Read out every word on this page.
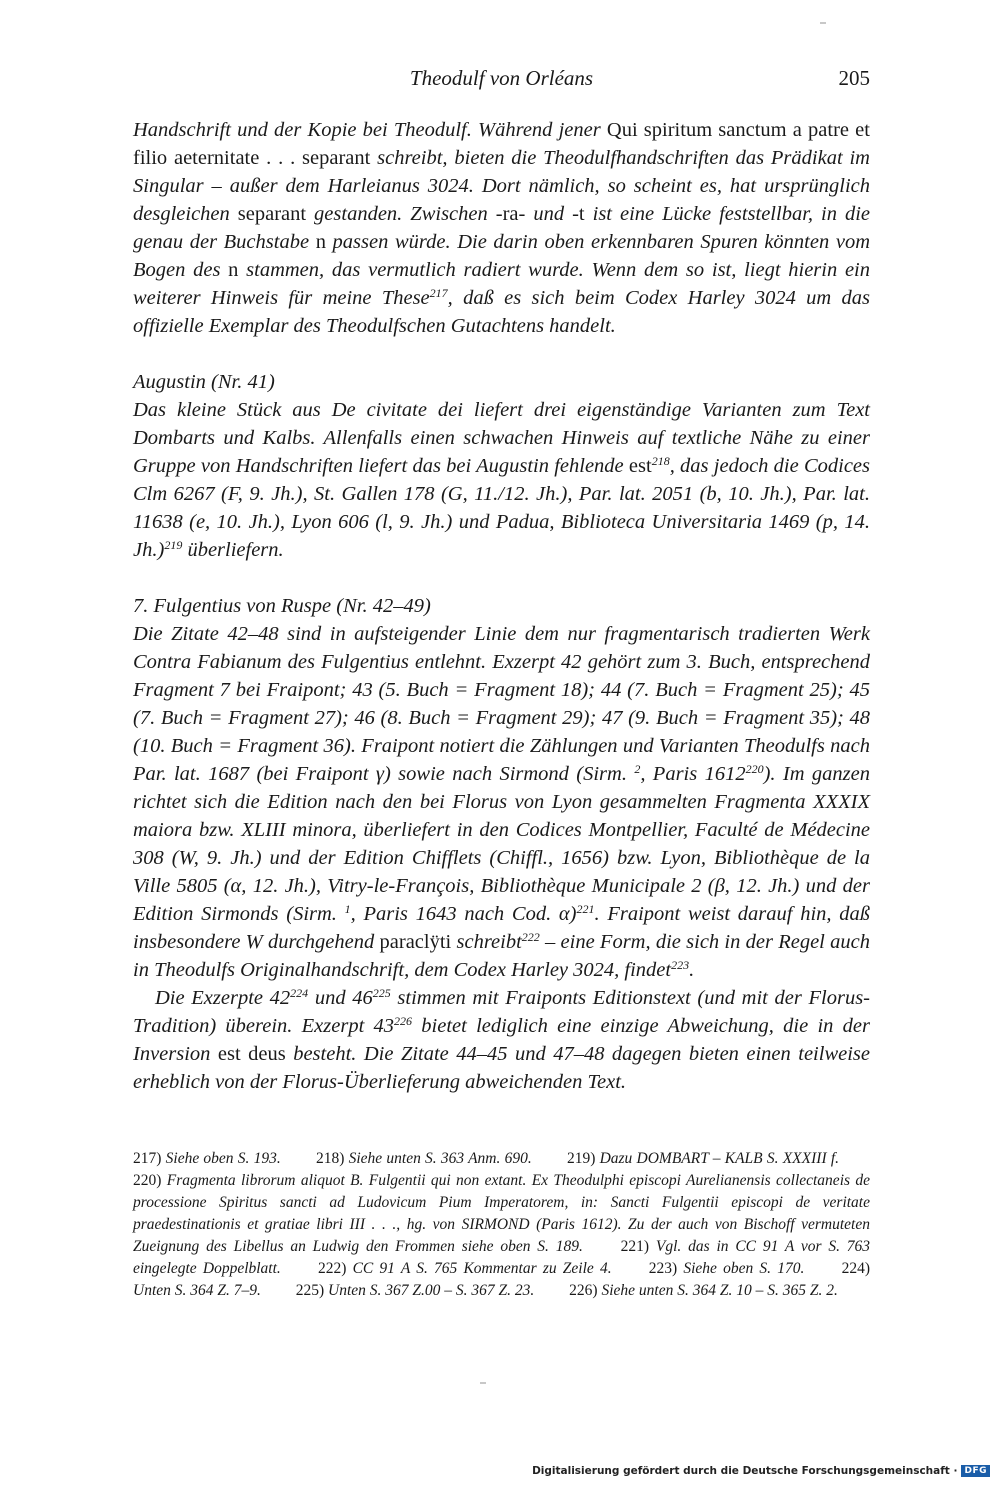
Theodulf von Orléans	205

Handschrift und der Kopie bei Theodulf. Während jener Qui spiritum sanctum a patre et filio aeternitate . . . separant schreibt, bieten die Theodulfhandschriften das Prädikat im Singular – außer dem Harleianus 3024. Dort nämlich, so scheint es, hat ursprünglich desgleichen separant gestanden. Zwischen -ra- und -t ist eine Lücke feststellbar, in die genau der Buchstabe n passen würde. Die darin oben erkennbaren Spuren könnten vom Bogen des n stammen, das vermutlich radiert wurde. Wenn dem so ist, liegt hierin ein weiterer Hinweis für meine These$^{217}$, daß es sich beim Codex Harley 3024 um das offizielle Exemplar des Theodulfschen Gutachtens handelt.

Augustin (Nr. 41)

Das kleine Stück aus De civitate dei liefert drei eigenständige Varianten zum Text Dombarts und Kalbs. Allenfalls einen schwachen Hinweis auf textliche Nähe zu einer Gruppe von Handschriften liefert das bei Augustin fehlende est$^{218}$, das jedoch die Codices Clm 6267 (F, 9. Jh.), St. Gallen 178 (G, 11./12. Jh.), Par. lat. 2051 (b, 10. Jh.), Par. lat. 11638 (e, 10. Jh.), Lyon 606 (l, 9. Jh.) und Padua, Biblioteca Universitaria 1469 (p, 14. Jh.)$^{219}$ überliefern.

7. Fulgentius von Ruspe (Nr. 42–49)

Die Zitate 42–48 sind in aufsteigender Linie dem nur fragmentarisch tradierten Werk Contra Fabianum des Fulgentius entlehnt. Exzerpt 42 gehört zum 3. Buch, entsprechend Fragment 7 bei Fraipont; 43 (5. Buch = Fragment 18); 44 (7. Buch = Fragment 25); 45 (7. Buch = Fragment 27); 46 (8. Buch = Fragment 29); 47 (9. Buch = Fragment 35); 48 (10. Buch = Fragment 36). Fraipont notiert die Zählungen und Varianten Theodulfs nach Par. lat. 1687 (bei Fraipont γ) sowie nach Sirmond (Sirm. $^2$, Paris 1612$^{220}$). Im ganzen richtet sich die Edition nach den bei Florus von Lyon gesammelten Fragmenta XXXIX maiora bzw. XLIII minora, überliefert in den Codices Montpellier, Faculté de Médecine 308 (W, 9. Jh.) und der Edition Chifflets (Chiffl., 1656) bzw. Lyon, Bibliothèque de la Ville 5805 (α, 12. Jh.), Vitry-le-François, Bibliothèque Municipale 2 (β, 12. Jh.) und der Edition Sirmonds (Sirm. $^1$, Paris 1643 nach Cod. α)$^{221}$. Fraipont weist darauf hin, daß insbesondere W durchgehend paraclÿti schreibt$^{222}$ – eine Form, die sich in der Regel auch in Theodulfs Originalhandschrift, dem Codex Harley 3024, findet$^{223}$.

Die Exzerpte $42^{224}$ und $46^{225}$ stimmen mit Fraiponts Editionstext (und mit der Florus-Tradition) überein. Exzerpt $43^{226}$ bietet lediglich eine einzige Abweichung, die in der Inversion est deus besteht. Die Zitate 44–45 und 47–48 dagegen bieten einen teilweise erheblich von der Florus-Überlieferung abweichenden Text.

217) Siehe oben S. 193.   218) Siehe unten S. 363 Anm. 690.   219) Dazu DOMBART – KALB S. XXXIII f.   220) Fragmenta librorum aliquot B. Fulgentii qui non extant. Ex Theodulphi episcopi Aurelianensis collectaneis de processione Spiritus sancti ad Ludovicum Pium Imperatorem, in: Sancti Fulgentii episcopi de veritate praedestinationis et gratiae libri III . . ., hg. von SIRMOND (Paris 1612). Zu der auch von Bischoff vermuteten Zueignung des Libellus an Ludwig den Frommen siehe oben S. 189.   221) Vgl. das in CC 91 A vor S. 763 eingelegte Doppelblatt.   222) CC 91 A S. 765 Kommentar zu Zeile 4.   223) Siehe oben S. 170.   224) Unten S. 364 Z. 7–9.   225) Unten S. 367 Z.00 – S. 367 Z. 23.   226) Siehe unten S. 364 Z. 10 – S. 365 Z. 2.
Digitalisierung gefördert durch die Deutsche Forschungsgemeinschaft · DFG
